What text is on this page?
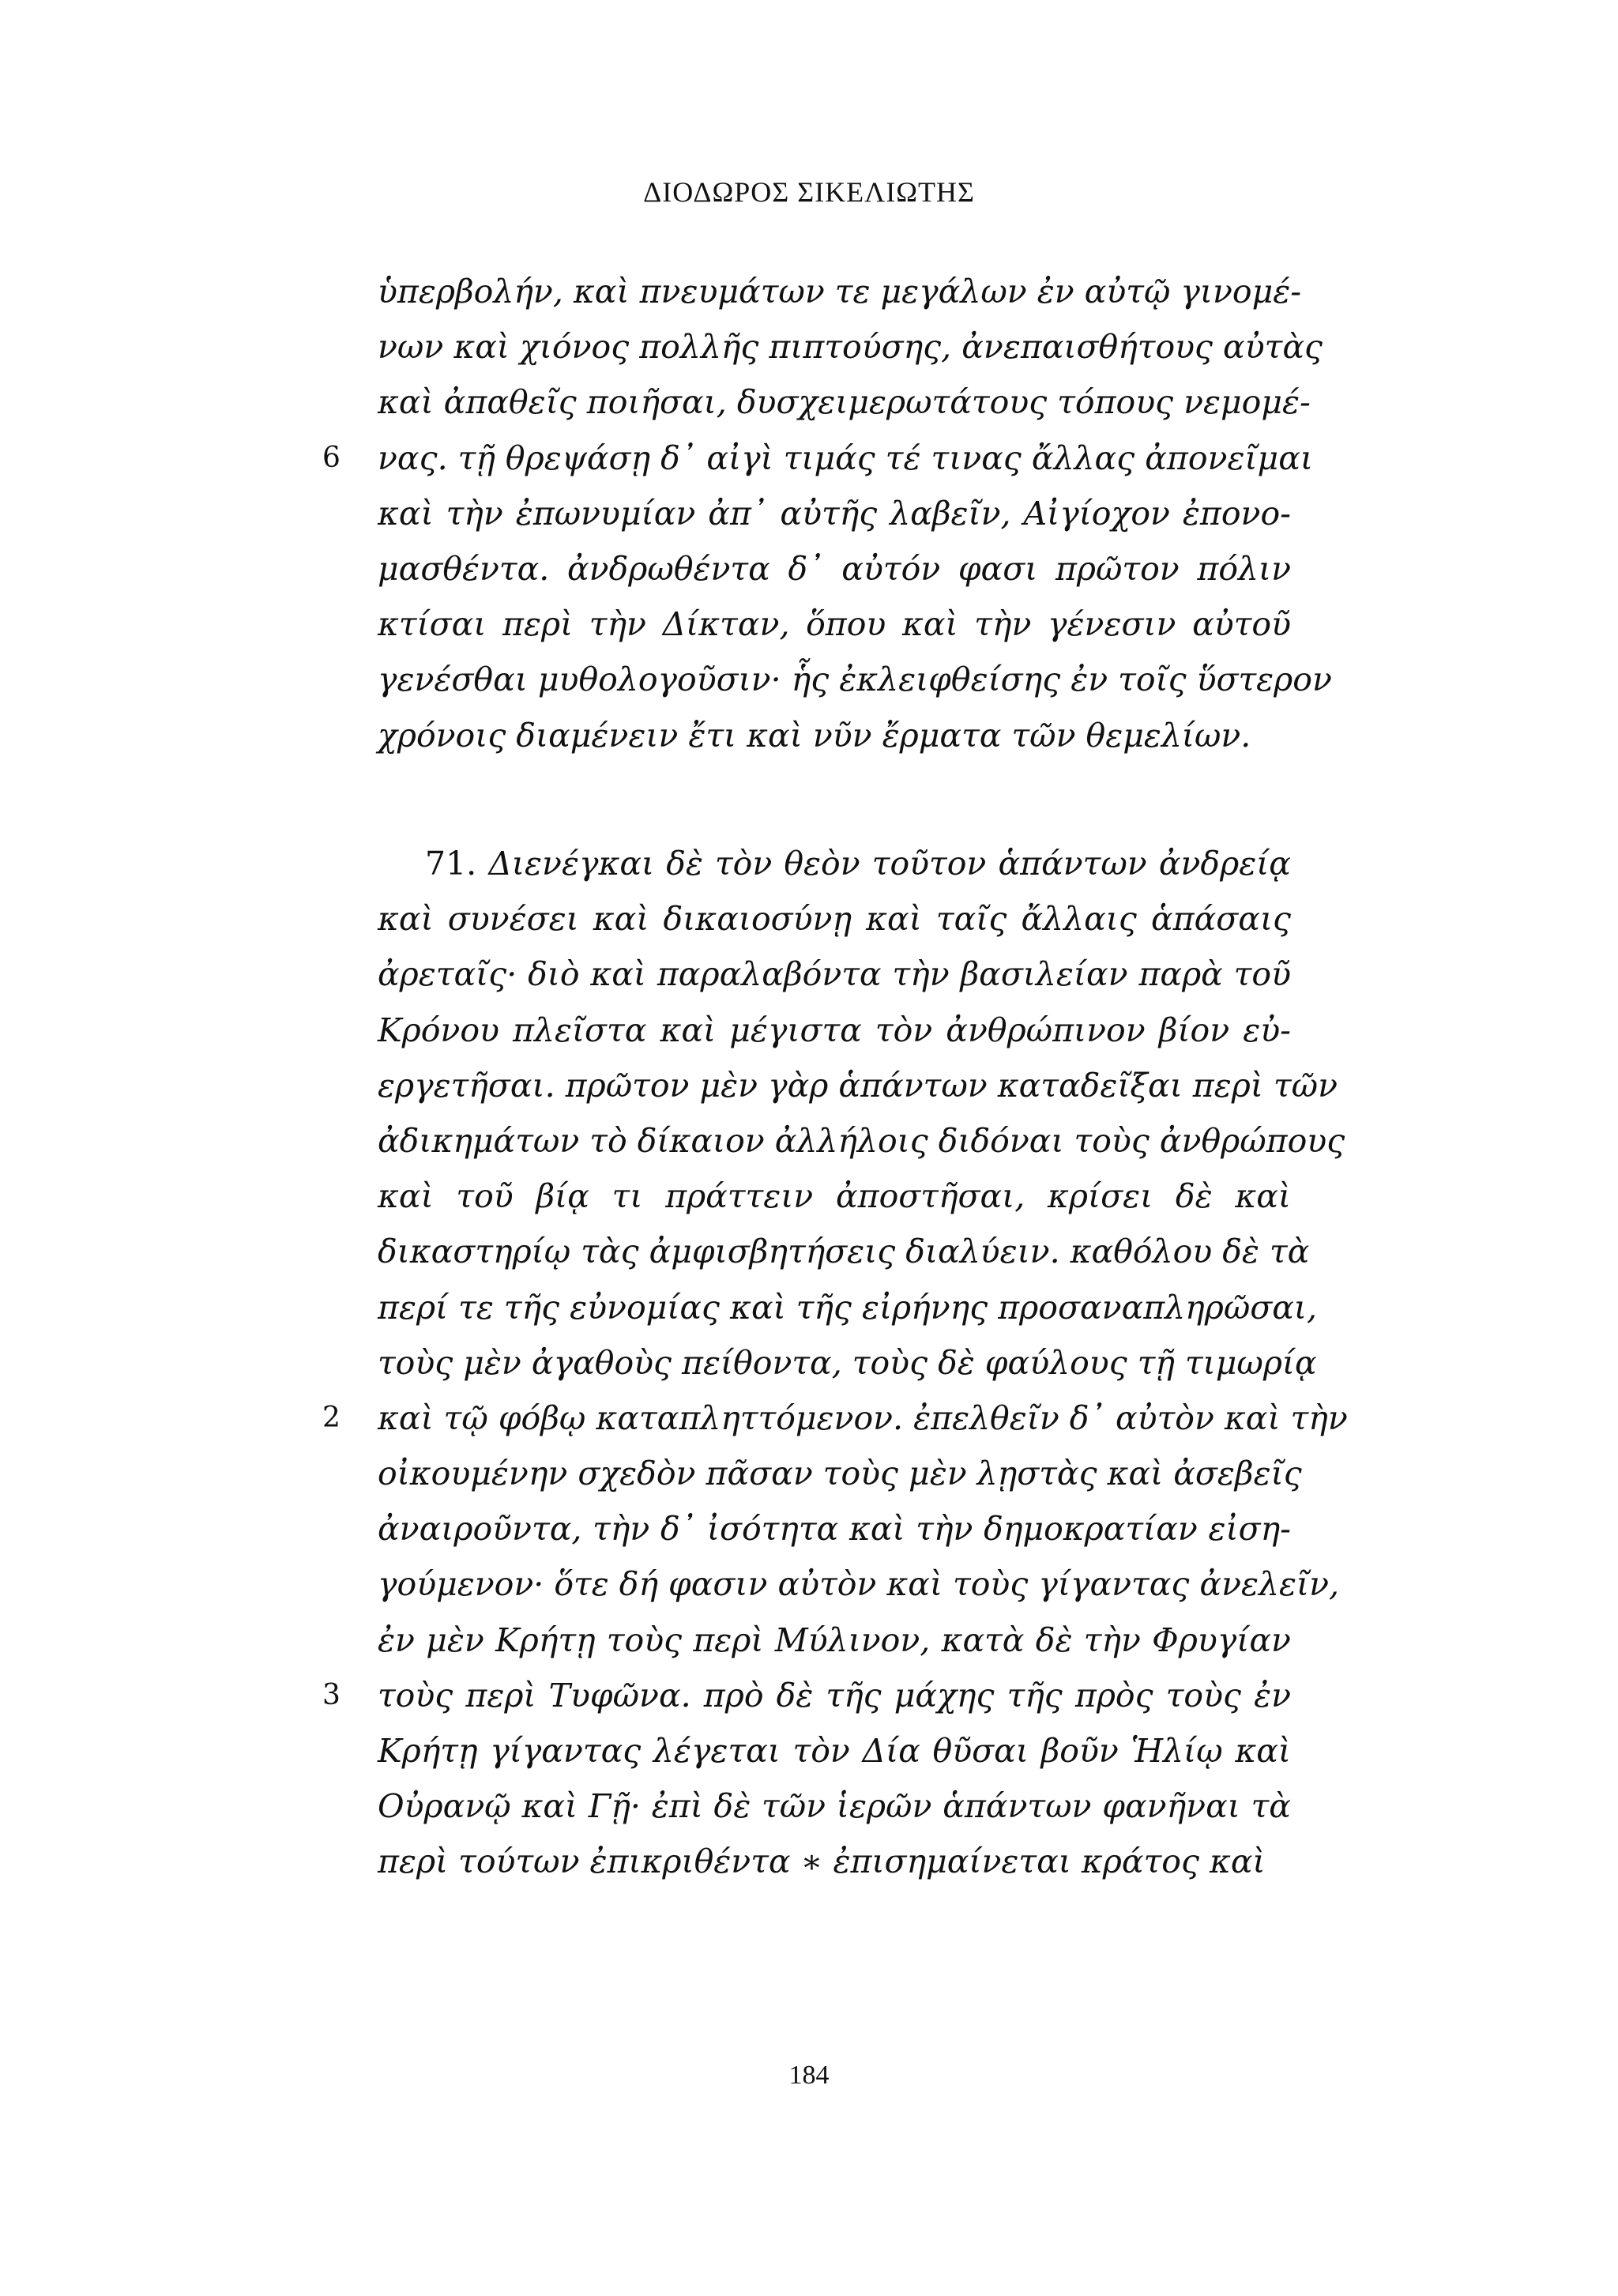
ΔΙΟΔΩΡΟΣ ΣΙΚΕΛΙΩΤΗΣ
ὑπερβολήν, καὶ πνευμάτων τε μεγάλων ἐν αὐτῷ γινομέ-
νων καὶ χιόνος πολλῆς πιπτούσης, ἀνεπαισθήτους αὐτὰς
καὶ ἀπαθεῖς ποιῆσαι, δυσχειμερωτάτους τόπους νεμομέ-
νας. τῇ θρεψάσῃ δ᾿ αἰγὶ τιμάς τέ τινας ἄλλας ἀπονεῖμαι
6
καὶ τὴν ἐπωνυμίαν ἀπ᾿ αὐτῆς λαβεῖν, Αἰγίοχον ἐπονο-
μασθέντα. ἀνδρωθέντα δ᾿ αὐτόν φασι πρῶτον πόλιν
κτίσαι περὶ τὴν Δίκταν, ὅπου καὶ τὴν γένεσιν αὐτοῦ
γενέσθαι μυθολογοῦσιν· ἧς ἐκλειφθείσης ἐν τοῖς ὕστερον
χρόνοις διαμένειν ἔτι καὶ νῦν ἔρματα τῶν θεμελίων.
71. Διενέγκαι δὲ τὸν θεὸν τοῦτον ἁπάντων ἀνδρείᾳ
καὶ συνέσει καὶ δικαιοσύνῃ καὶ ταῖς ἄλλαις ἁπάσαις
ἀρεταῖς· διὸ καὶ παραλαβόντα τὴν βασιλείαν παρὰ τοῦ
Κρόνου πλεῖστα καὶ μέγιστα τὸν ἀνθρώπινον βίον εὐ-
εργετῆσαι. πρῶτον μὲν γὰρ ἁπάντων καταδεῖξαι περὶ τῶν
ἀδικημάτων τὸ δίκαιον ἀλλήλοις διδόναι τοὺς ἀνθρώπους
καὶ τοῦ βίᾳ τι πράττειν ἀποστῆσαι, κρίσει δὲ καὶ
δικαστηρίῳ τὰς ἀμφισβητήσεις διαλύειν. καθόλου δὲ τὰ
περί τε τῆς εὐνομίας καὶ τῆς εἰρήνης προσαναπληρῶσαι,
τοὺς μὲν ἀγαθοὺς πείθοντα, τοὺς δὲ φαύλους τῇ τιμωρίᾳ
καὶ τῷ φόβῳ καταπληττόμενον. ἐπελθεῖν δ᾿ αὐτὸν καὶ τὴν
2
οἰκουμένην σχεδὸν πᾶσαν τοὺς μὲν λῃστὰς καὶ ἀσεβεῖς
ἀναιροῦντα, τὴν δ᾿ ἰσότητα καὶ τὴν δημοκρατίαν εἰση-
γούμενον· ὅτε δή φασιν αὐτὸν καὶ τοὺς γίγαντας ἀνελεῖν,
ἐν μὲν Κρήτῃ τοὺς περὶ Μύλινον, κατὰ δὲ τὴν Φρυγίαν
τοὺς περὶ Τυφῶνα. πρὸ δὲ τῆς μάχης τῆς πρὸς τοὺς ἐν
3
Κρήτῃ γίγαντας λέγεται τὸν Δία θῦσαι βοῦν Ἡλίῳ καὶ
Οὐρανῷ καὶ Γῇ· ἐπὶ δὲ τῶν ἱερῶν ἁπάντων φανῆναι τὰ
περὶ τούτων ἐπικριθέντα ∗ ἐπισημαίνεται κράτος καὶ
184
